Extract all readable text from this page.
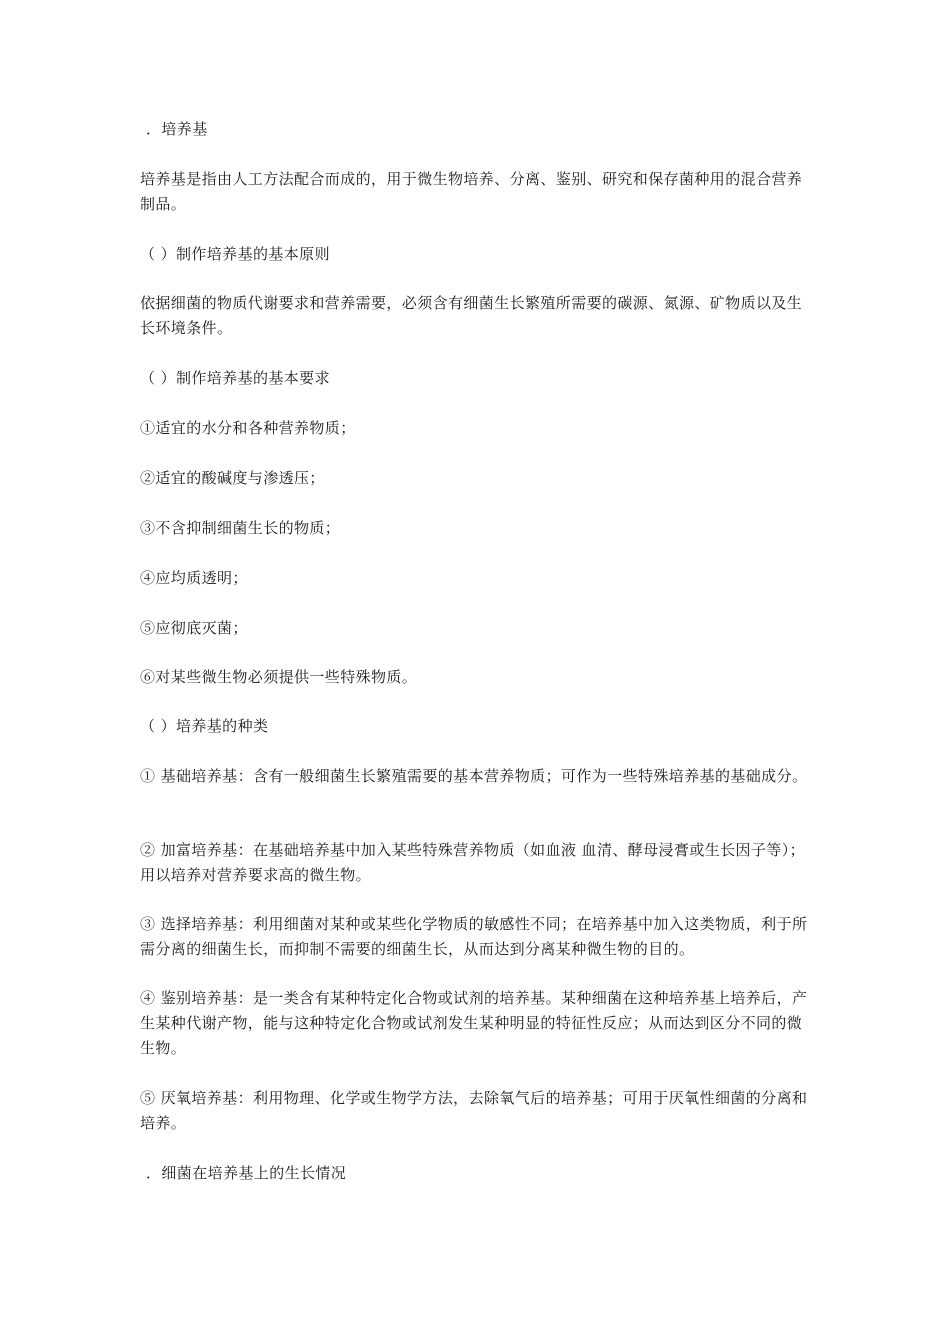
．培养基
培养基是指由人工方法配合而成的，用于微生物培养、分离、鉴别、研究和保存菌种用的混合营养制品。
（ ）制作培养基的基本原则
依据细菌的物质代谢要求和营养需要，必须含有细菌生长繁殖所需要的碳源、氮源、矿物质以及生长环境条件。
（ ）制作培养基的基本要求
①适宜的水分和各种营养物质；
②适宜的酸碱度与渗透压；
③不含抑制细菌生长的物质；
④应均质透明；
⑤应彻底灭菌；
⑥对某些微生物必须提供一些特殊物质。
（ ）培养基的种类
① 基础培养基：含有一般细菌生长繁殖需要的基本营养物质；可作为一些特殊培养基的基础成分。
② 加富培养基：在基础培养基中加入某些特殊营养物质（如血液 血清、酵母浸膏或生长因子等）；用以培养对营养要求高的微生物。
③ 选择培养基：利用细菌对某种或某些化学物质的敏感性不同；在培养基中加入这类物质，利于所需分离的细菌生长，而抑制不需要的细菌生长，从而达到分离某种微生物的目的。
④ 鉴别培养基：是一类含有某种特定化合物或试剂的培养基。某种细菌在这种培养基上培养后，产生某种代谢产物，能与这种特定化合物或试剂发生某种明显的特征性反应；从而达到区分不同的微生物。
⑤ 厌氧培养基：利用物理、化学或生物学方法，去除氧气后的培养基；可用于厌氧性细菌的分离和培养。
．细菌在培养基上的生长情况
